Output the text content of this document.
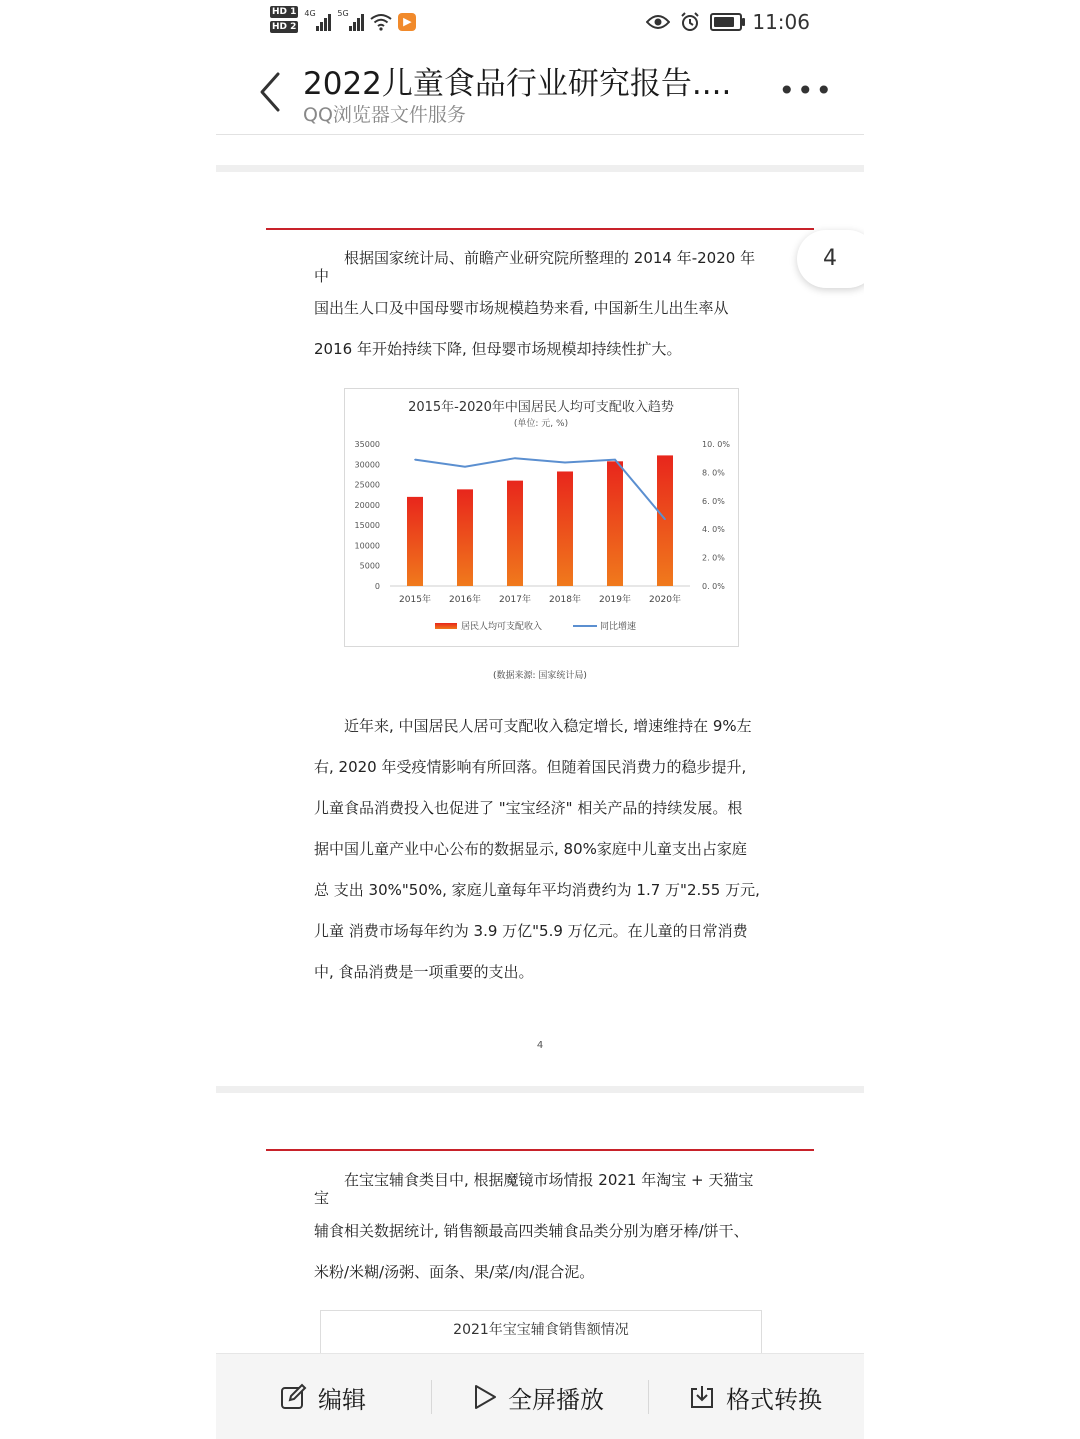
HD 1
HD 2
4G	5G
▶	11:06
2022儿童食品行业研究报告....
QQ浏览器文件服务
•••
4

根据国家统计局、前瞻产业研究院所整理的 2014 年-2020 年

中

国出生人口及中国母婴市场规模趋势来看, 中国新生儿出生率从

2016 年开始持续下降, 但母婴市场规模却持续性扩大。

2015年-2020年中国居民人均可支配收入趋势
(单位: 元, %)
0
5000
10000
15000
20000
25000
30000
35000
0. 0%
2. 0%
4. 0%
6. 0%
8. 0%
10. 0%
2015年 2016年 2017年 2018年 2019年 2020年
居民人均可支配收入	同比增速
(数据来源: 国家统计局)

近年来, 中国居民人居可支配收入稳定增长, 增速维持在 9%左

右, 2020 年受疫情影响有所回落。但随着国民消费力的稳步提升,

儿童食品消费投入也促进了 "宝宝经济" 相关产品的持续发展。根

据中国儿童产业中心公布的数据显示, 80%家庭中儿童支出占家庭

总 支出 30%"50%, 家庭儿童每年平均消费约为 1.7 万"2.55 万元,

儿童 消费市场每年约为 3.9 万亿"5.9 万亿元。在儿童的日常消费

中, 食品消费是一项重要的支出。

4

在宝宝辅食类目中, 根据魔镜市场情报 2021 年淘宝 + 天猫宝

宝

辅食相关数据统计, 销售额最高四类辅食品类分别为磨牙棒/饼干、

米粉/米糊/汤粥、面条、果/菜/肉/混合泥。

2021年宝宝辅食销售额情况
编辑	全屏播放	格式转换
